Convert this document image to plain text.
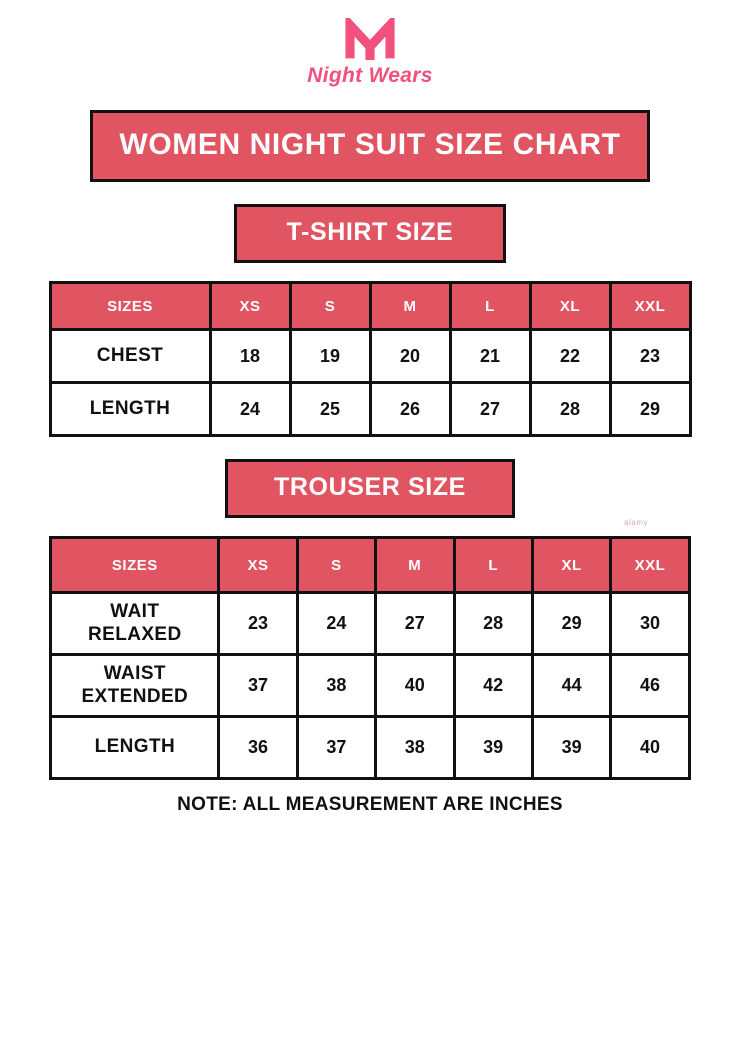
Night Wears
WOMEN NIGHT SUIT SIZE CHART
T-SHIRT SIZE
SIZES	XS	S	M	L	XL	XXL
CHEST	18	19	20	21	22	23
LENGTH	24	25	26	27	28	29
alamy
TROUSER SIZE
SIZES	XS	S	M	L	XL	XXL

WAIT
RELAXED	23	24	27	28	29	30

WAIST
EXTENDED	37	38	40	42	44	46

LENGTH	36	37	38	39	39	40
NOTE: ALL MEASUREMENT ARE INCHES
